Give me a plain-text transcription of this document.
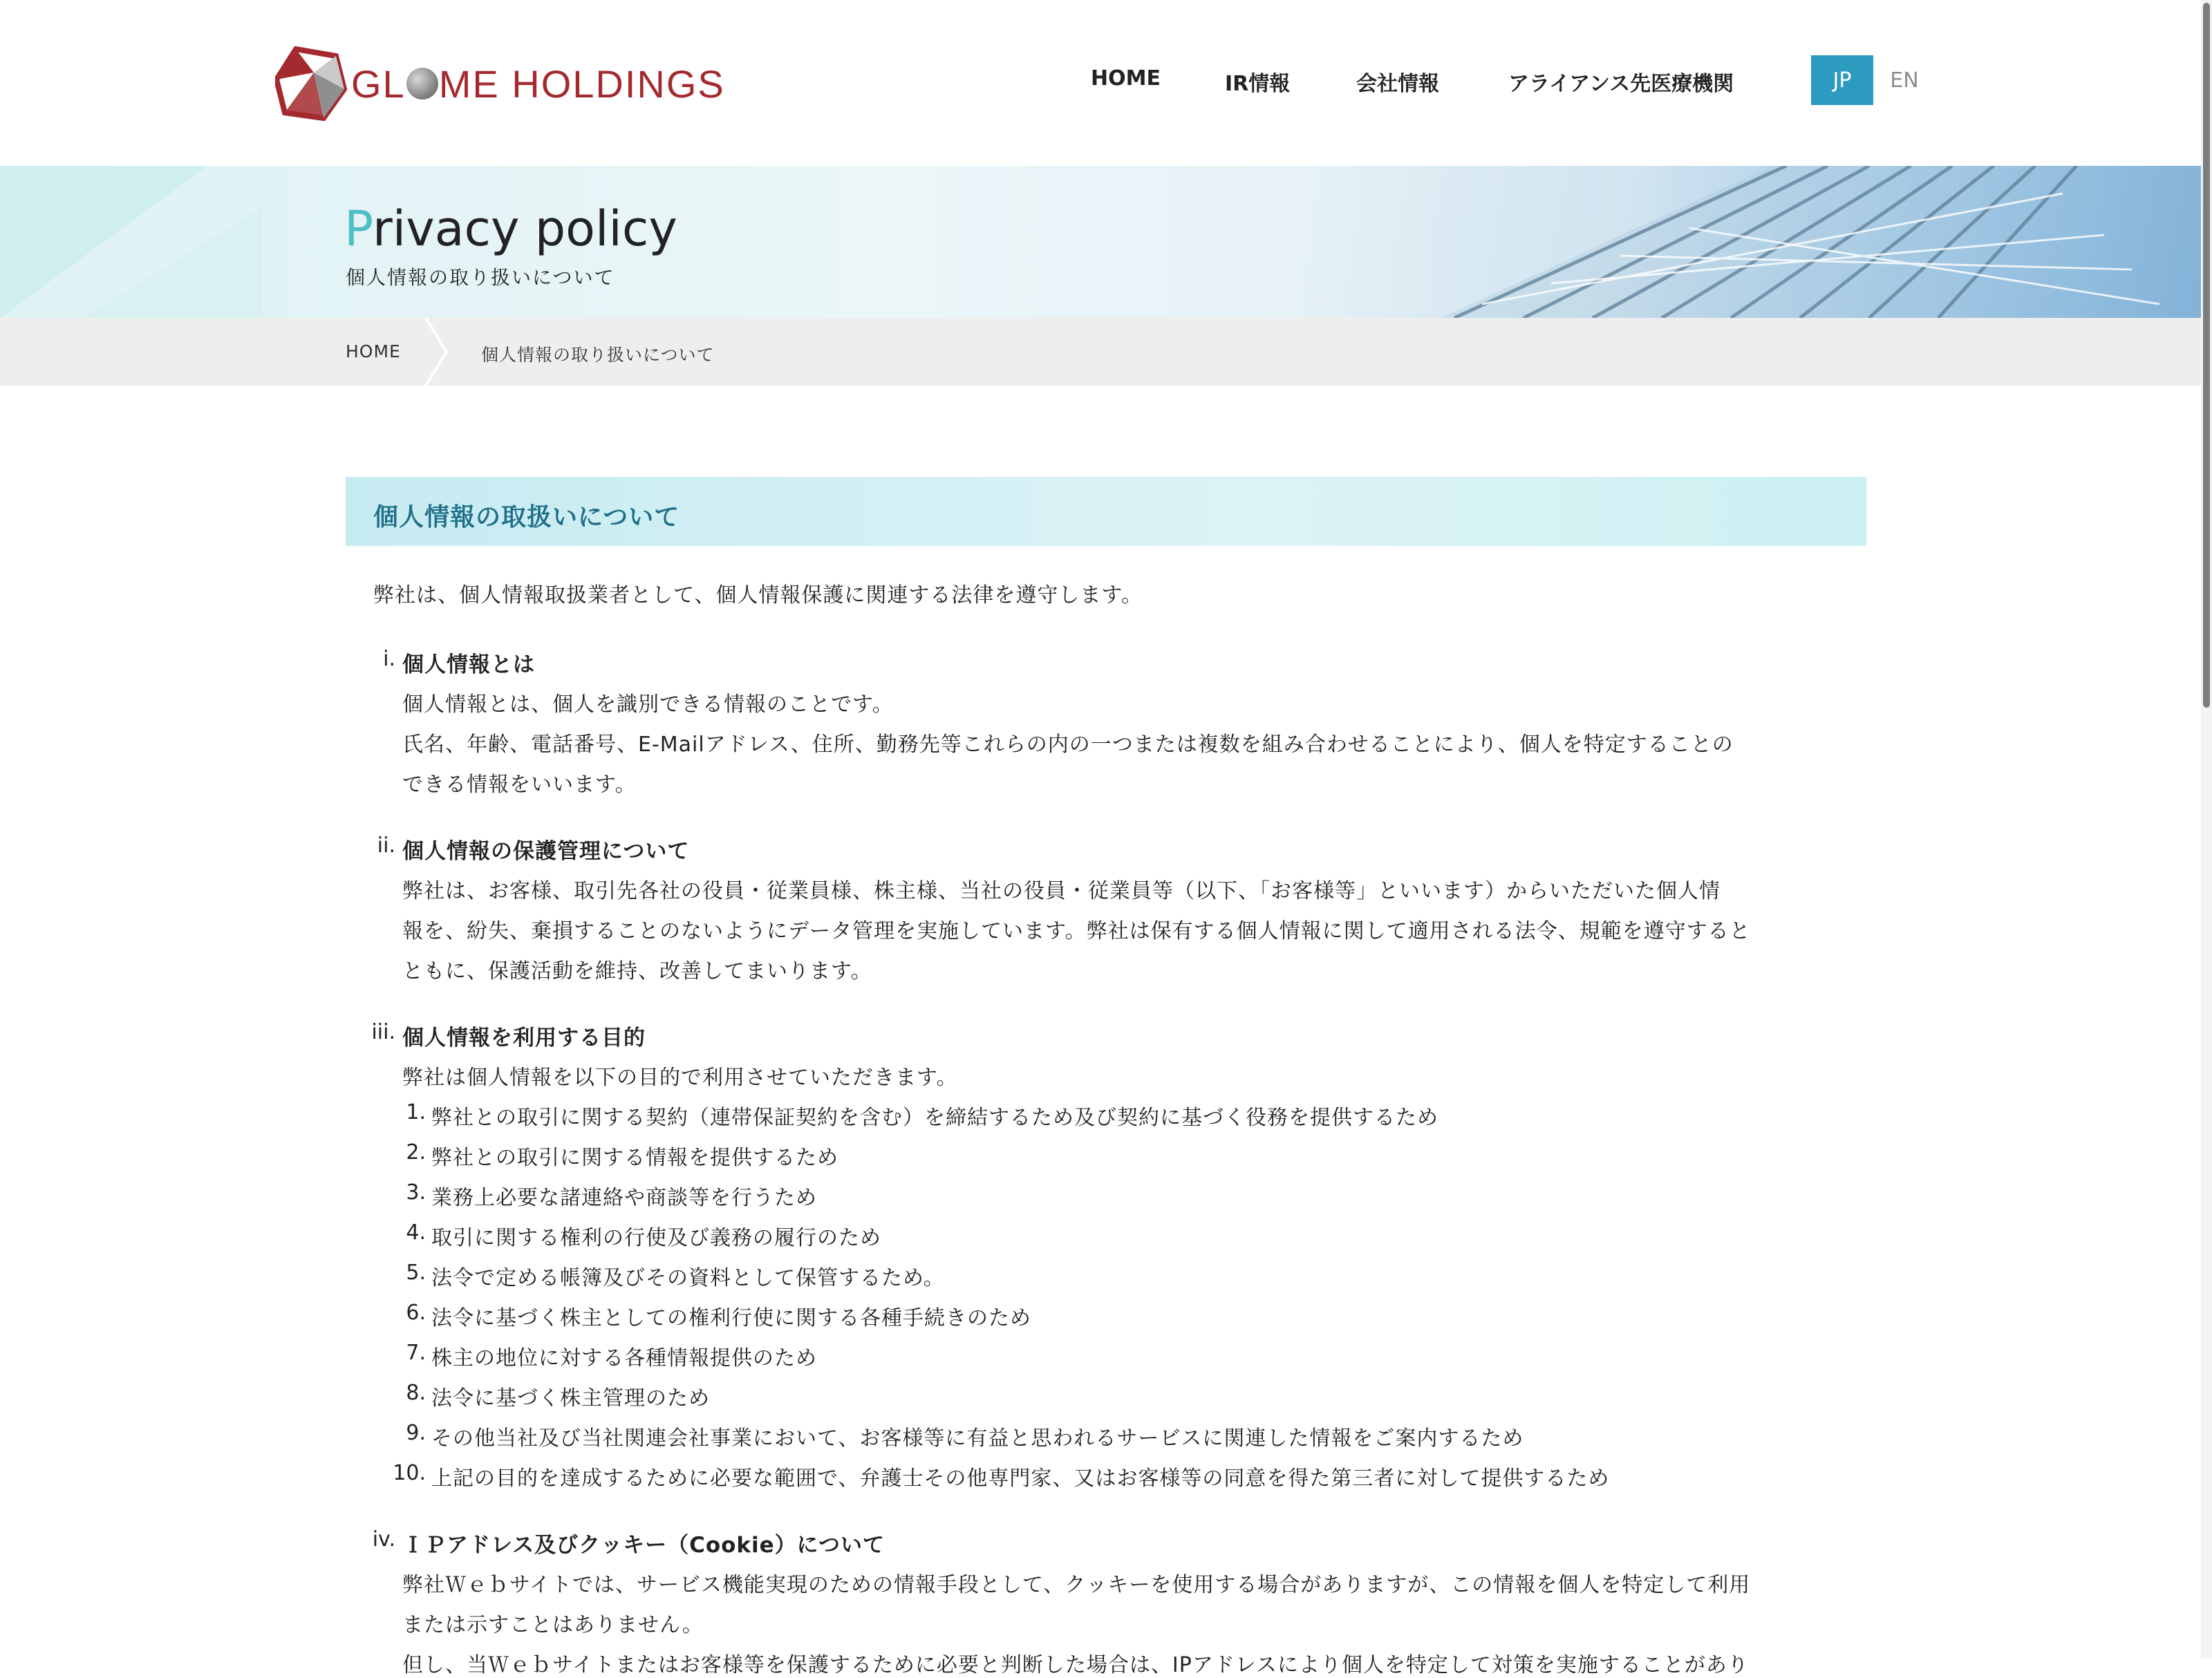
GL ME HOLDINGS	HOME	IR情報	会社情報	アライアンス先医療機関	JP	EN
Privacy policy
個人情報の取り扱いについて
HOME	個人情報の取り扱いについて
個人情報の取扱いについて
弊社は、個人情報取扱業者として、個人情報保護に関連する法律を遵守します。
i. 個人情報とは
個人情報とは、個人を識別できる情報のことです。
氏名、年齢、電話番号、E-Mailアドレス、住所、勤務先等これらの内の一つまたは複数を組み合わせることにより、個人を特定することの
できる情報をいいます。
ii. 個人情報の保護管理について
弊社は、お客様、取引先各社の役員・従業員様、株主様、当社の役員・従業員等（以下、「お客様等」といいます）からいただいた個人情
報を、紛失、棄損することのないようにデータ管理を実施しています。弊社は保有する個人情報に関して適用される法令、規範を遵守すると
ともに、保護活動を維持、改善してまいります。
iii. 個人情報を利用する目的
弊社は個人情報を以下の目的で利用させていただきます。
1. 弊社との取引に関する契約（連帯保証契約を含む）を締結するため及び契約に基づく役務を提供するため
2. 弊社との取引に関する情報を提供するため
3. 業務上必要な諸連絡や商談等を行うため
4. 取引に関する権利の行使及び義務の履行のため
5. 法令で定める帳簿及びその資料として保管するため。
6. 法令に基づく株主としての権利行使に関する各種手続きのため
7. 株主の地位に対する各種情報提供のため
8. 法令に基づく株主管理のため
9. その他当社及び当社関連会社事業において、お客様等に有益と思われるサービスに関連した情報をご案内するため
10. 上記の目的を達成するために必要な範囲で、弁護士その他専門家、又はお客様等の同意を得た第三者に対して提供するため
iv. ＩＰアドレス及びクッキー（Cookie）について
弊社Ｗｅｂサイトでは、サービス機能実現のための情報手段として、クッキーを使用する場合がありますが、この情報を個人を特定して利用
または示すことはありません。
但し、当Ｗｅｂサイトまたはお客様等を保護するために必要と判断した場合は、IPアドレスにより個人を特定して対策を実施することがあり
